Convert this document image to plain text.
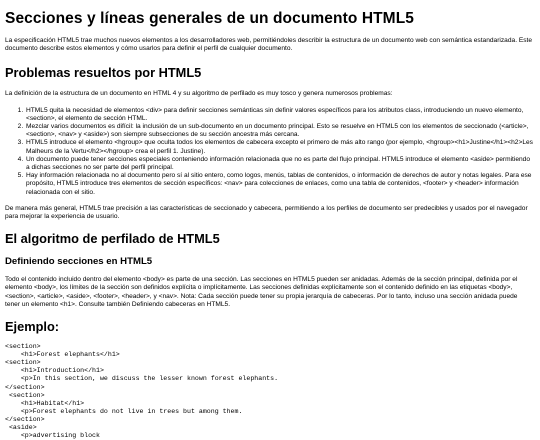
Secciones y líneas generales de un documento HTML5

La especificación HTML5 trae muchos nuevos elementos a los desarrolladores web, permitiéndoles describir la estructura de un documento web con semántica estandarizada. Este documento describe estos elementos y cómo usarlos para definir el perfil de cualquier documento.

Problemas resueltos por HTML5

La definición de la estructura de un documento en HTML 4 y su algoritmo de perfilado es muy tosco y genera numerosos problemas:

1. HTML5 quita la necesidad de elementos <div> para definir secciones semánticas sin definir valores específicos para los atributos class, introduciendo un nuevo elemento, <section>, el elemento de sección HTML.
2. Mezclar varios documentos es difícil: la inclusión de un sub-documento en un documento principal. Esto se resuelve en HTML5 con los elementos de seccionado (<article>, <section>, <nav> y <aside>) son siempre subsecciones de su sección ancestra más cercana.
3. HTML5 introduce el elemento <hgroup> que oculta todos los elementos de cabecera excepto el primero de más alto rango (por ejemplo, <hgroup><h1>Justine</h1><h2>Les Malheurs de la Vertu</h2></hgroup> crea el perfil 1. Justine).
4. Un documento puede tener secciones especiales conteniendo información relacionada que no es parte del flujo principal. HTML5 introduce el elemento <aside> permitiendo a dichas secciones no ser parte del perfil principal.
5. Hay información relacionada no al documento pero sí al sitio entero, como logos, menús, tablas de contenidos, o información de derechos de autor y notas legales. Para ese propósito, HTML5 introduce tres elementos de sección específicos: <nav> para colecciones de enlaces, como una tabla de contenidos, <footer> y <header> información relacionada con el sitio.

De manera más general, HTML5 trae precisión a las características de seccionado y cabecera, permitiendo a los perfiles de documento ser predecibles y usados por el navegador para mejorar la experiencia de usuario.

El algoritmo de perfilado de HTML5
Definiendo secciones en HTML5

Todo el contenido incluido dentro del elemento <body> es parte de una sección. Las secciones en HTML5 pueden ser anidadas. Además de la sección principal, definida por el elemento <body>, los límites de la sección son definidos explícita o implícitamente. Las secciones definidas explícitamente son el contenido definido en las etiquetas <body>, <section>, <article>, <aside>, <footer>, <header>, y <nav>. Nota: Cada sección puede tener su propia jerarquía de cabeceras. Por lo tanto, incluso una sección anidada puede tener un elemento <h1>. Consulte también Definiendo cabeceras en HTML5.

Ejemplo:
<section>
<h1>Forest elephants</h1>
<section>
<h1>Introduction</h1>
<p>In this section, we discuss the lesser known forest elephants.
</section>
<section>
<h1>Habitat</h1>
<p>Forest elephants do not live in trees but among them.
</section>
<aside>
<p>advertising block
